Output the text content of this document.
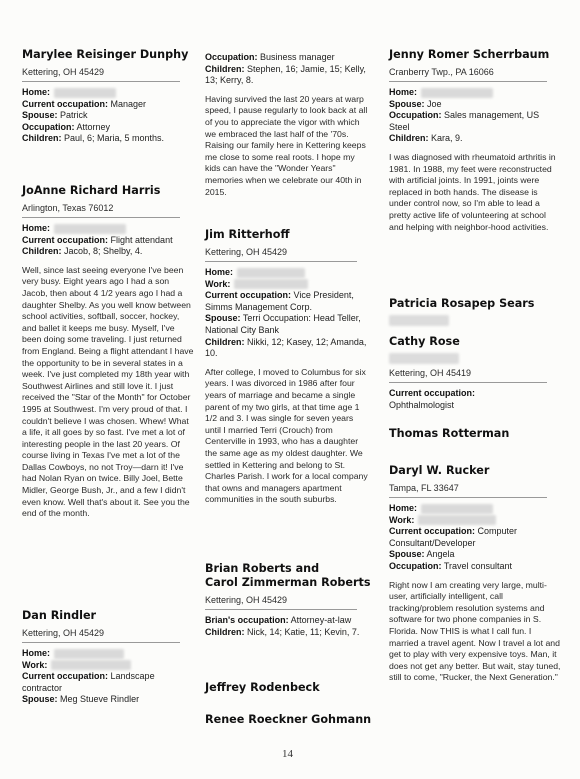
Marylee Reisinger Dunphy
Kettering, OH 45429

Home:

Current occupation: Manager

Spouse: Patrick

Occupation: Attorney

Children: Paul, 6; Maria, 5 months.

JoAnne Richard Harris
Arlington, Texas 76012

Home:

Current occupation: Flight attendant

Children: Jacob, 8; Shelby, 4.

Well, since last seeing everyone I've been very busy. Eight years ago I had a son Jacob, then about 4 1/2 years ago I had a daughter Shelby. As you well know between school activities, softball, soccer, hockey, and ballet it keeps me busy. Myself, I've been doing some traveling. I just returned from England. Being a flight attendant I have the opportunity to be in several states in a week. I've just completed my 18th year with Southwest Airlines and still love it. I just received the "Star of the Month" for October 1995 at Southwest. I'm very proud of that. I couldn't believe I was chosen. Whew! What a life, it all goes by so fast. I've met a lot of interesting people in the last 20 years. Of course living in Texas I've met a lot of the Dallas Cowboys, no not Troy—darn it! I've had Nolan Ryan on twice. Billy Joel, Bette Midler, George Bush, Jr., and a few I didn't even know. Well that's about it. See you the end of the month.

Dan Rindler
Kettering, OH 45429

Home:

Work:

Current occupation: Landscape contractor

Spouse: Meg Stueve Rindler

Occupation: Business manager

Children: Stephen, 16; Jamie, 15; Kelly, 13; Kerry, 8.

Having survived the last 20 years at warp speed, I pause regularly to look back at all of you to appreciate the vigor with which we embraced the last half of the '70s. Raising our family here in Kettering keeps me close to some real roots. I hope my kids can have the "Wonder Years" memories when we celebrate our 40th in 2015.

Jim Ritterhoff
Kettering, OH 45429

Home:

Work:

Current occupation: Vice President, Simms Management Corp.

Spouse: Terri Occupation: Head Teller, National City Bank

Children: Nikki, 12; Kasey, 12; Amanda, 10.

After college, I moved to Columbus for six years. I was divorced in 1986 after four years of marriage and became a single parent of my two girls, at that time age 1 1/2 and 3. I was single for seven years until I married Terri (Crouch) from Centerville in 1993, who has a daughter the same age as my oldest daughter. We settled in Kettering and belong to St. Charles Parish. I work for a local company that owns and managers apartment communities in the south suburbs.

Brian Roberts and
Carol Zimmerman Roberts
Kettering, OH 45429

Brian's occupation: Attorney-at-law

Children: Nick, 14; Katie, 11; Kevin, 7.

Jeffrey Rodenbeck
Renee Roeckner Gohmann
Jenny Romer Scherrbaum
Cranberry Twp., PA 16066

Home:

Spouse: Joe

Occupation: Sales management, US Steel

Children: Kara, 9.

I was diagnosed with rheumatoid arthritis in 1981. In 1988, my feet were reconstructed with artificial joints. In 1991, joints were replaced in both hands. The disease is under control now, so I'm able to lead a pretty active life of volunteering at school and helping with neighbor-hood activities.

Patricia Rosapep Sears
Cathy Rose
Kettering, OH 45419

Current occupation:
Ophthalmologist

Thomas Rotterman
Daryl W. Rucker
Tampa, FL 33647

Home:

Work:

Current occupation: Computer Consultant/Developer

Spouse: Angela

Occupation: Travel consultant

Right now I am creating very large, multi-user, artificially intelligent, call tracking/problem resolution systems and software for two phone companies in S. Florida. Now THIS is what I call fun. I married a travel agent. Now I travel a lot and get to play with very expensive toys. Man, it does not get any better. But wait, stay tuned, still to come, "Rucker, the Next Generation."

14
